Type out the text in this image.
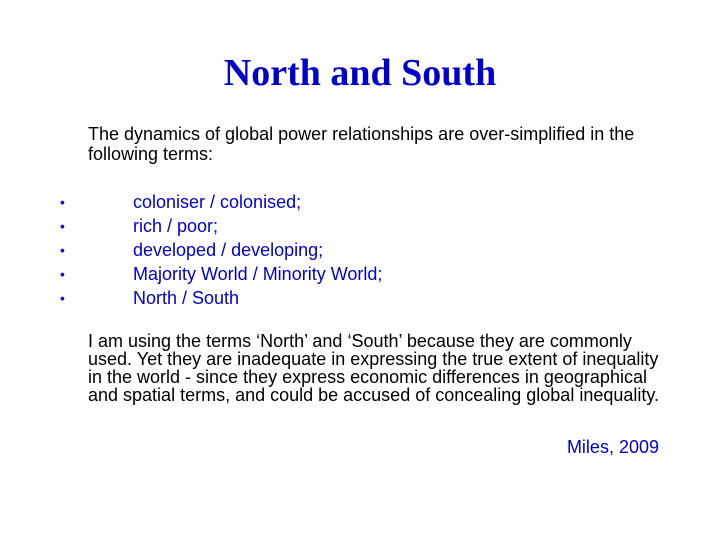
North and South
The dynamics of global power relationships are over-simplified in the following terms:
•	coloniser / colonised;
•	rich / poor;
•	developed / developing;
•	Majority World / Minority World;
•	North / South
I am using the terms ‘North’ and ‘South’ because they are commonly used. Yet they are inadequate in expressing the true extent of inequality in the world - since they express economic differences in geographical and spatial terms, and could be accused of concealing global inequality.
Miles, 2009
